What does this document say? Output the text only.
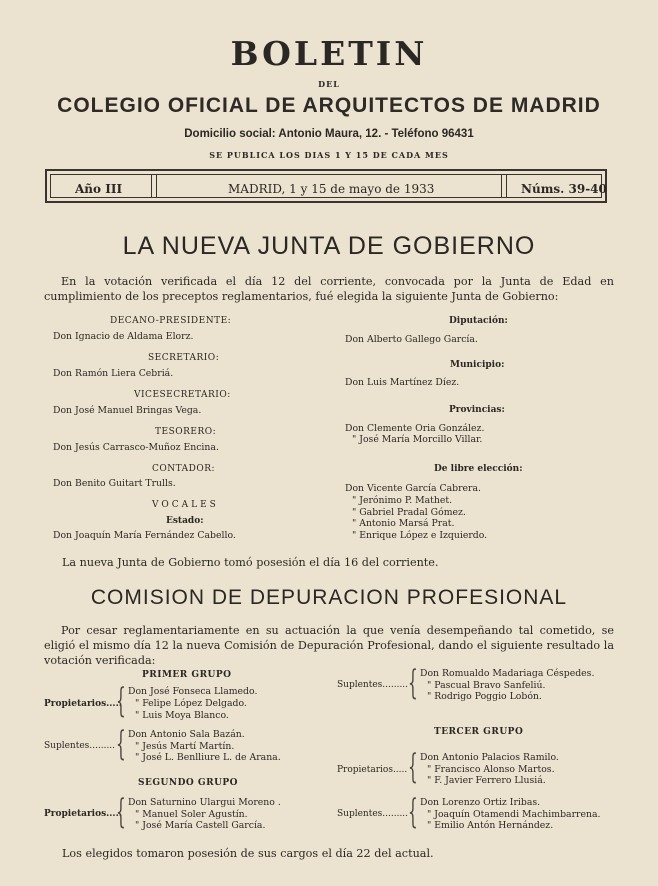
BOLETIN
DEL
COLEGIO OFICIAL DE ARQUITECTOS DE MADRID
Domicilio social: Antonio Maura, 12. - Teléfono 96431
SE PUBLICA LOS DIAS 1 Y 15 DE CADA MES
Año III	MADRID, 1 y 15 de mayo de 1933	Núms. 39-40
LA NUEVA JUNTA DE GOBIERNO
En la votación verificada el día 12 del corriente, convocada por la Junta de Edad en cumplimiento de los preceptos reglamentarios, fué elegida la siguiente Junta de Gobierno:
DECANO-PRESIDENTE:
Don Ignacio de Aldama Elorz.
SECRETARIO:
Don Ramón Liera Cebriá.
VICESECRETARIO:
Don José Manuel Bringas Vega.
TESORERO:
Don Jesús Carrasco-Muñoz Encina.
CONTADOR:
Don Benito Guitart Trulls.
VOCALES
Estado:
Don Joaquín María Fernández Cabello.
Diputación:
Don Alberto Gallego García.
Municipio:
Don Luis Martínez Díez.
Provincias:
Don Clemente Oria González.
" José María Morcillo Villar.
De libre elección:
Don Vicente García Cabrera.
" Jerónimo P. Mathet.
" Gabriel Pradal Gómez.
" Antonio Marsá Prat.
" Enrique López e Izquierdo.
La nueva Junta de Gobierno tomó posesión el día 16 del corriente.
COMISION DE DEPURACION PROFESIONAL
Por cesar reglamentariamente en su actuación la que venía desempeñando tal cometido, se eligió el mismo día 12 la nueva Comisión de Depuración Profesional, dando el siguiente resultado la votación verificada:
PRIMER GRUPO
Propietarios.....
{ Don José Fonseca Llamedo.
" Felipe López Delgado.
" Luis Moya Blanco.
Suplentes......... { Don Antonio Sala Bazán.
" Jesús Martí Martín.
" José L. Benlliure L. de Arana.
SEGUNDO GRUPO
Propietarios.....
{ Don Saturnino Ulargui Moreno .
" Manuel Soler Agustín.
" José María Castell García.
Suplentes......... { Don Romualdo Madariaga Céspedes.
" Pascual Bravo Sanfeliú.
" Rodrigo Poggio Lobón.
TERCER GRUPO
Propietarios..... { Don Antonio Palacios Ramilo.
" Francisco Alonso Martos.
" F. Javier Ferrero Llusiá.
Suplentes......... { Don Lorenzo Ortiz Iribas.
" Joaquín Otamendi Machimbarrena.
" Emilio Antón Hernández.
Los elegidos tomaron posesión de sus cargos el día 22 del actual.
